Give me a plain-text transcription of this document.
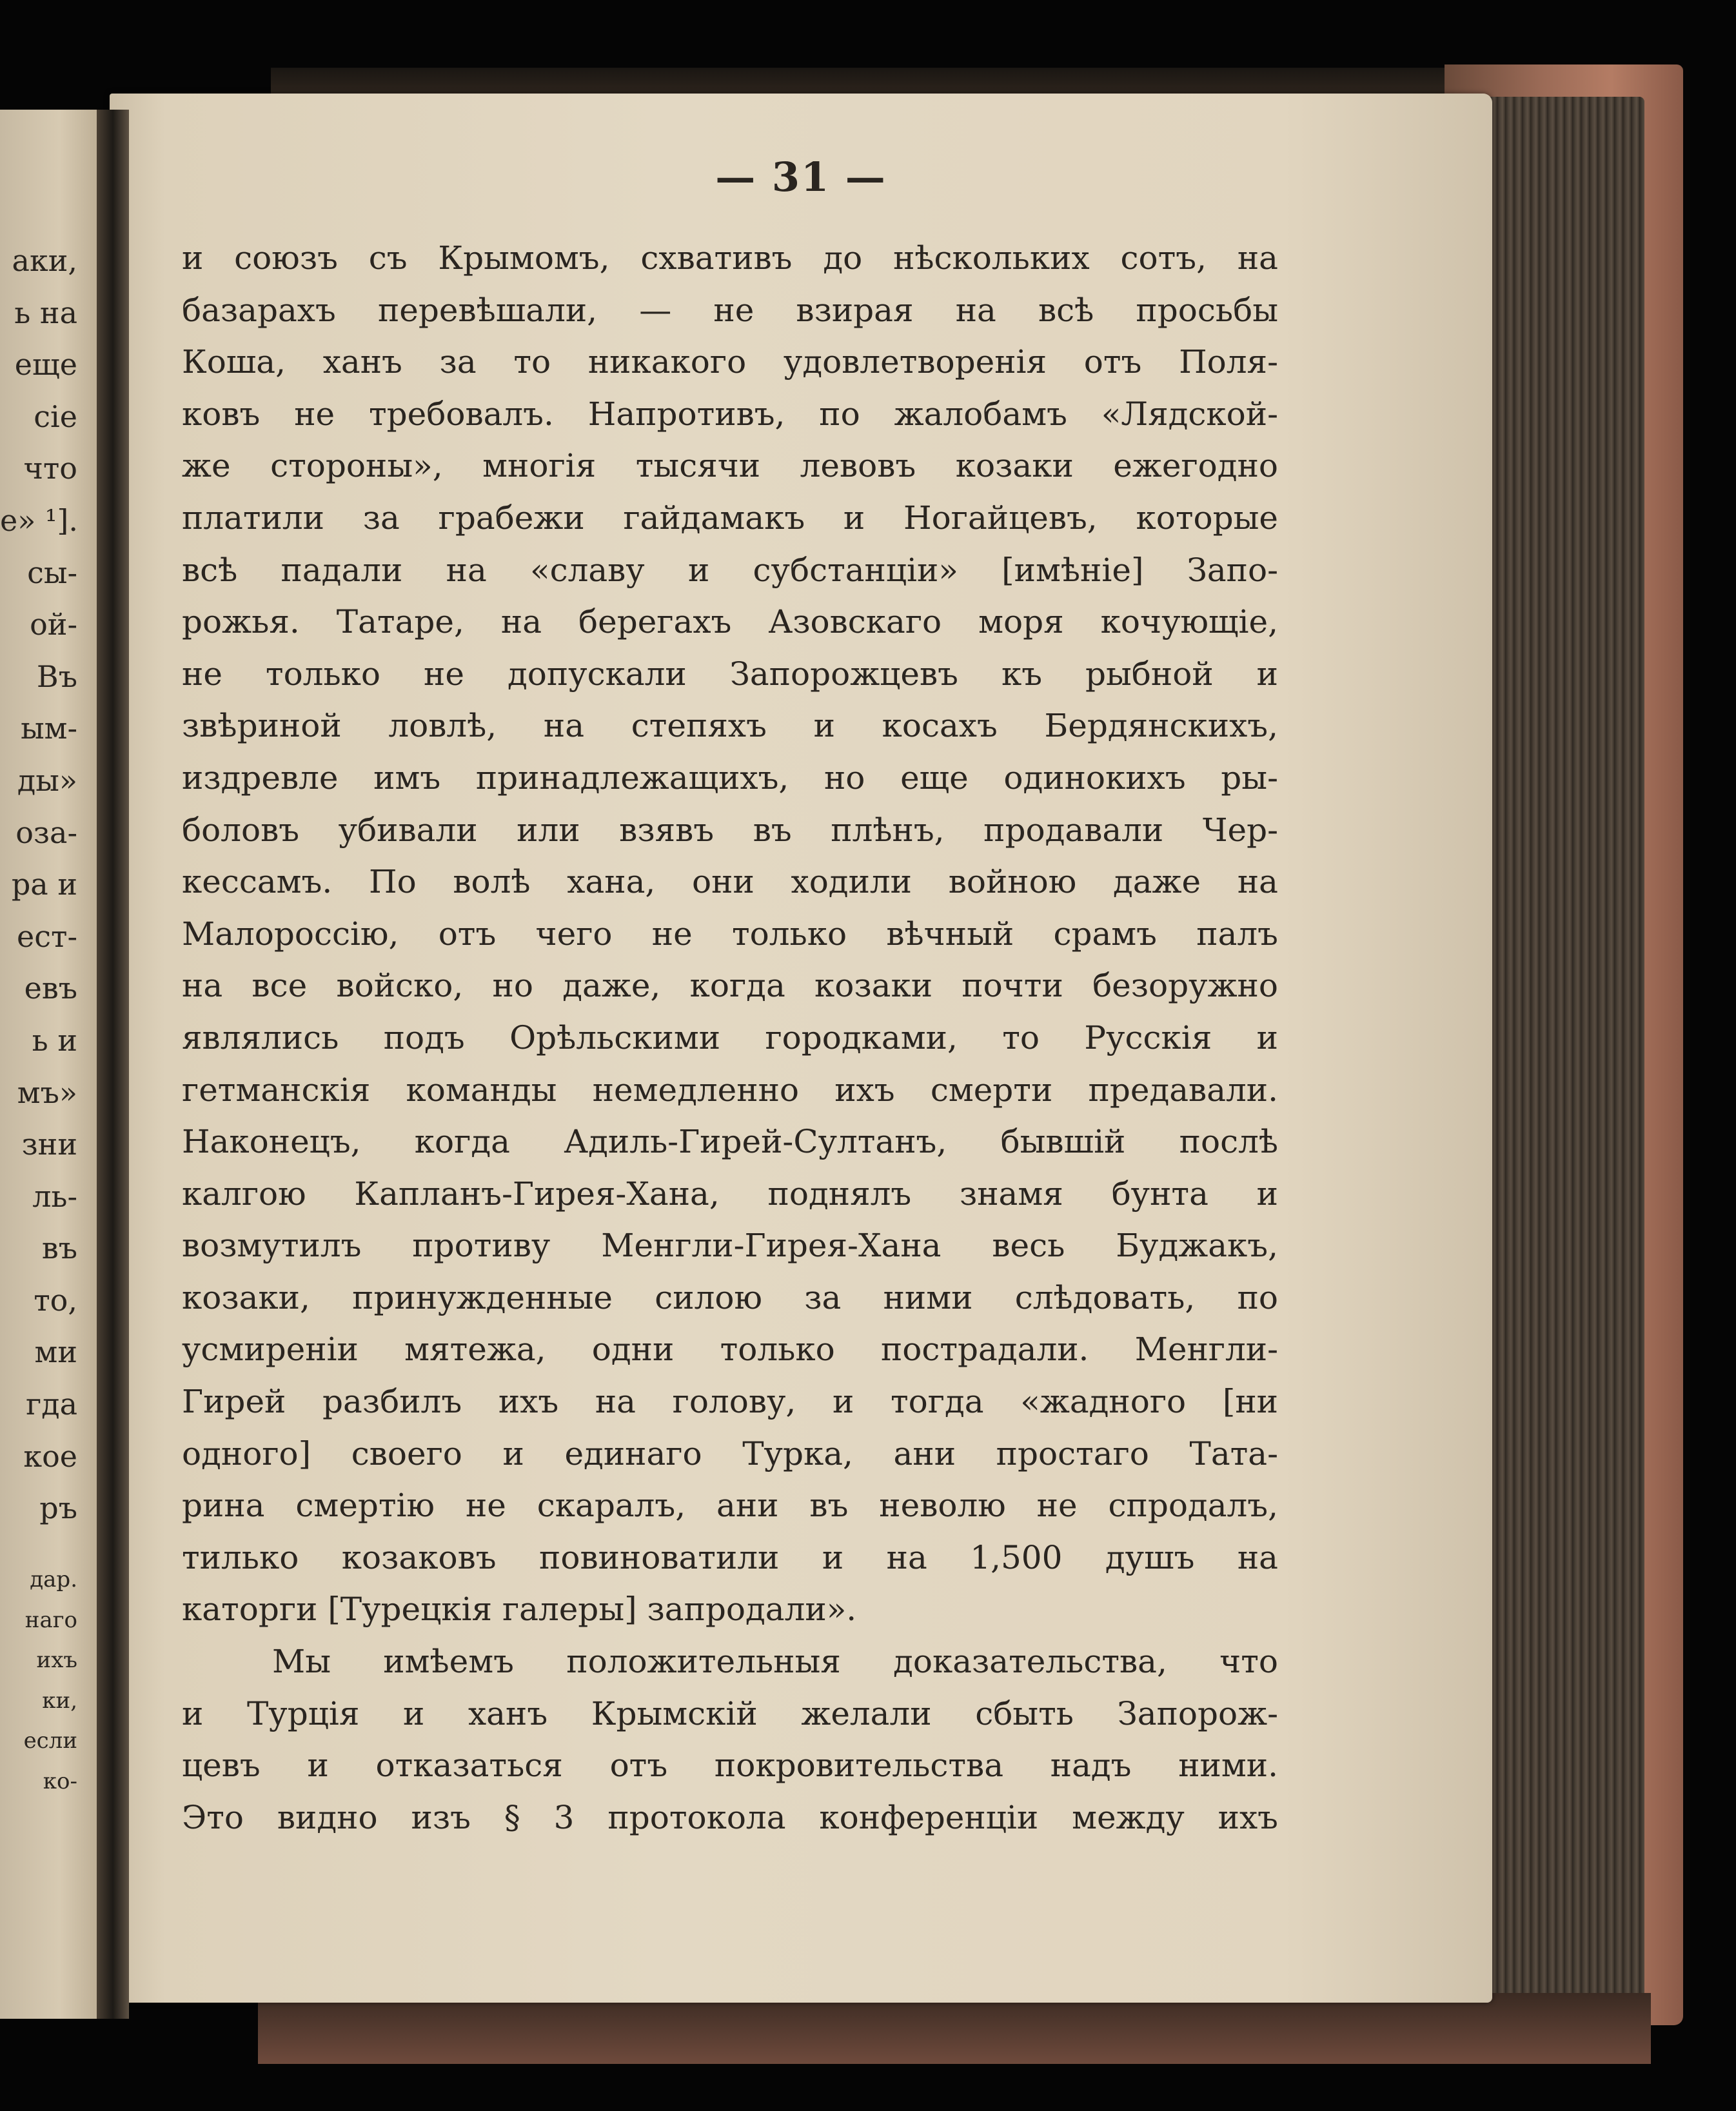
— 31 —

и союзъ съ Крымомъ, схвативъ до нѣскольких сотъ, на
базарахъ перевѣшали, — не взирая на всѣ просьбы
Коша, ханъ за то никакого удовлетворенія отъ Поля-
ковъ не требовалъ. Напротивъ, по жалобамъ «Лядской-
же стороны», многія тысячи левовъ козаки ежегодно
платили за грабежи гайдамакъ и Ногайцевъ, которые
всѣ падали на «славу и субстанціи» [имѣніе] Запо-
рожья. Татаре, на берегахъ Азовскаго моря кочующіе,
не только не допускали Запорожцевъ къ рыбной и
звѣриной ловлѣ, на степяхъ и косахъ Бердянскихъ,
издревле имъ принадлежащихъ, но еще одинокихъ ры-
боловъ убивали или взявъ въ плѣнъ, продавали Чер-
кессамъ. По волѣ хана, они ходили войною даже на
Малороссію, отъ чего не только вѣчный срамъ палъ
на все войско, но даже, когда козаки почти безоружно
являлись подъ Орѣльскими городками, то Русскія и
гетманскія команды немедленно ихъ смерти предавали.
Наконецъ, когда Адиль-Гирей-Султанъ, бывшій послѣ
калгою Капланъ-Гирея-Хана, поднялъ знамя бунта и
возмутилъ противу Менгли-Гирея-Хана весь Буджакъ,
козаки, принужденные силою за ними слѣдовать, по
усмиреніи мятежа, одни только пострадали. Менгли-
Гирей разбилъ ихъ на голову, и тогда «жадного [ни
одного] своего и единаго Турка, ани простаго Тата-
рина смертію не скаралъ, ани въ неволю не спродалъ,
тилько козаковъ повиноватили и на 1,500 душъ на
каторги [Турецкія галеры] запродали».
Мы имѣемъ положительныя доказательства, что
и Турція и ханъ Крымскій желали сбыть Запорож-
цевъ и отказаться отъ покровительства надъ ними.
Это видно изъ § 3 протокола конференціи между ихъ
аки,
ь на
еще
сіе
что
е» ¹].
сы-
ой-
Въ
ым-
ды»
оза-
ра и
ест-
евъ
ь и
мъ»
зни
ль-
въ
то,
ми
гда
кое
ръ
дар.
наго
ихъ
ки,
если
ко-
